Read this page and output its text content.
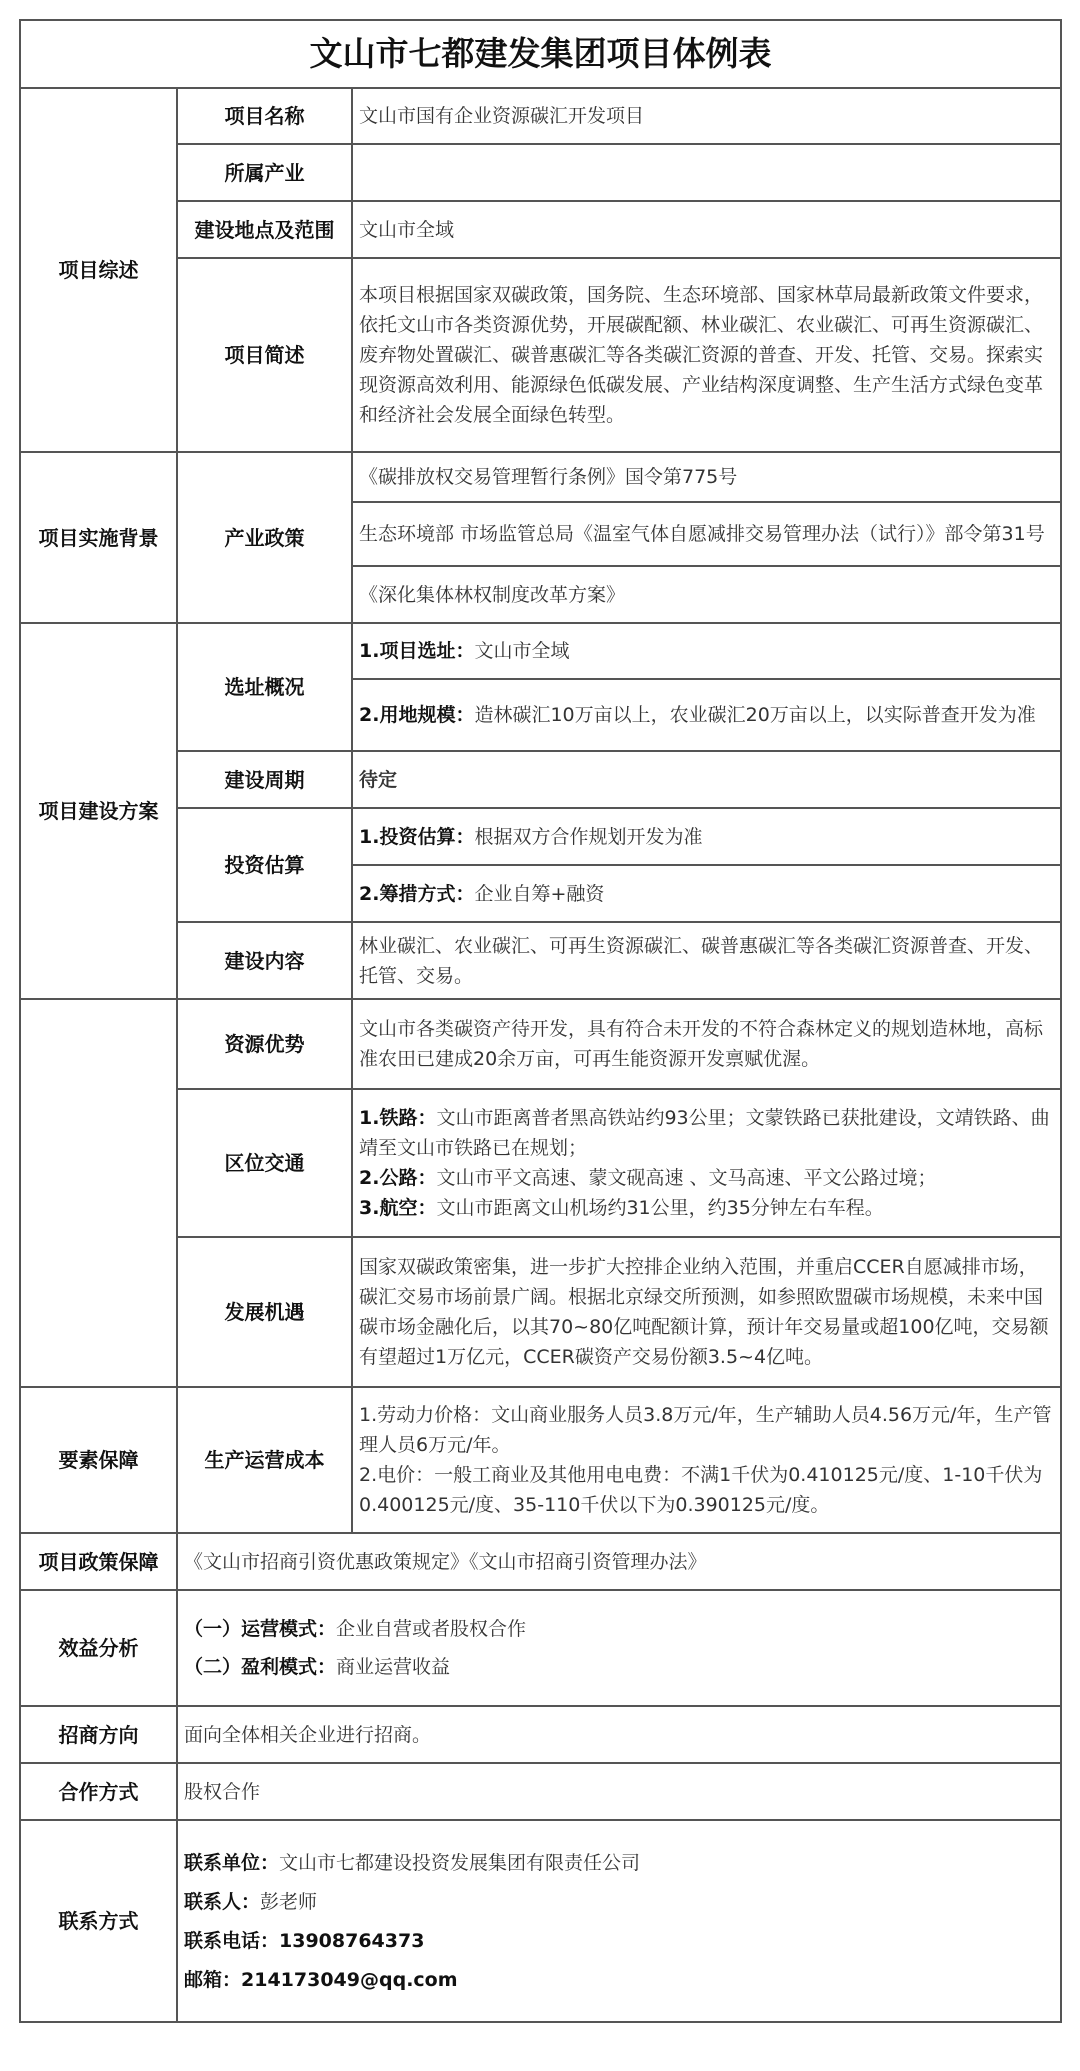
文山市七都建发集团项目体例表		
项目综述	项目名称	文山市国有企业资源碳汇开发项目
	所属产业	
	建设地点及范围	文山市全域
	项目简述	本项目根据国家双碳政策，国务院、生态环境部、国家林草局最新政策文件要求，依托文山市各类资源优势，开展碳配额、林业碳汇、农业碳汇、可再生资源碳汇、废弃物处置碳汇、碳普惠碳汇等各类碳汇资源的普查、开发、托管、交易。探索实现资源高效利用、能源绿色低碳发展、产业结构深度调整、生产生活方式绿色变革和经济社会发展全面绿色转型。
项目实施背景	产业政策	《碳排放权交易管理暂行条例》国令第775号
		生态环境部 市场监管总局《温室气体自愿减排交易管理办法（试行）》部令第31号
		《深化集体林权制度改革方案》
项目建设方案	选址概况	1.项目选址：文山市全域
		2.用地规模：造林碳汇10万亩以上，农业碳汇20万亩以上，以实际普查开发为准
	建设周期	待定
	投资估算	1.投资估算：根据双方合作规划开发为准
		2.筹措方式：企业自筹+融资
	建设内容	林业碳汇、农业碳汇、可再生资源碳汇、碳普惠碳汇等各类碳汇资源普查、开发、托管、交易。
	资源优势	文山市各类碳资产待开发，具有符合未开发的不符合森林定义的规划造林地，高标准农田已建成20余万亩，可再生能资源开发禀赋优渥。
	区位交通	1.铁路：文山市距离普者黑高铁站约93公里；文蒙铁路已获批建设，文靖铁路、曲靖至文山市铁路已在规划；
2.公路：文山市平文高速、蒙文砚高速 、文马高速、平文公路过境；
3.航空：文山市距离文山机场约31公里，约35分钟左右车程。

	发展机遇	国家双碳政策密集，进一步扩大控排企业纳入范围，并重启CCER自愿减排市场，碳汇交易市场前景广阔。根据北京绿交所预测，如参照欧盟碳市场规模，未来中国碳市场金融化后，以其70~80亿吨配额计算，预计年交易量或超100亿吨，交易额有望超过1万亿元，CCER碳资产交易份额3.5~4亿吨。
要素保障	生产运营成本	1.劳动力价格：文山商业服务人员3.8万元/年，生产辅助人员4.56万元/年，生产管理人员6万元/年。
2.电价：一般工商业及其他用电电费：不满1千伏为0.410125元/度、1-10千伏为0.400125元/度、35-110千伏以下为0.390125元/度。

项目政策保障	《文山市招商引资优惠政策规定》《文山市招商引资管理办法》	
效益分析	（一）运营模式：企业自营或者股权合作
（二）盈利模式：商业运营收益	

招商方向	面向全体相关企业进行招商。	
合作方式	股权合作	
联系方式	联系单位：文山市七都建设投资发展集团有限责任公司
联系人：彭老师
联系电话：13908764373
邮箱：214173049@qq.com	
